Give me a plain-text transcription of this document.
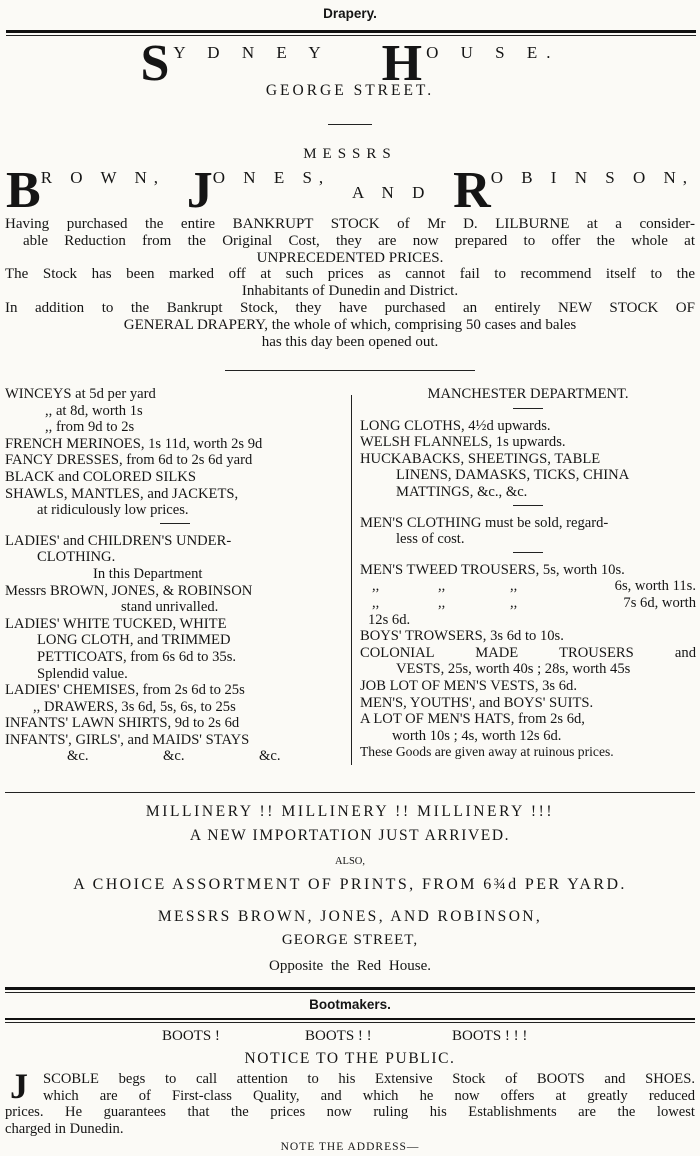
Drapery.
S Y D N E Y H O U S E.
GEORGE STREET.
MESSRS
BR O W N, JO N E S,
A N D RO B I N S O N,
Having purchased the entire BANKRUPT STOCK of Mr D. LILBURNE at a consider-
able Reduction from the Original Cost, they are now prepared to offer the whole at
UNPRECEDENTED PRICES.
The Stock has been marked off at such prices as cannot fail to recommend itself to the
Inhabitants of Dunedin and District.
In addition to the Bankrupt Stock, they have purchased an entirely NEW STOCK OF
GENERAL DRAPERY, the whole of which, comprising 50 cases and bales
has this day been opened out.
WINCEYS at 5d per yard
,, at 8d, worth 1s
,, from 9d to 2s
FRENCH MERINOES, 1s 11d, worth 2s 9d
FANCY DRESSES, from 6d to 2s 6d yard
BLACK and COLORED SILKS
SHAWLS, MANTLES, and JACKETS,
at ridiculously low prices.
LADIES' and CHILDREN'S UNDER-
CLOTHING.
In this Department
Messrs BROWN, JONES, & ROBINSON
stand unrivalled.
LADIES' WHITE TUCKED, WHITE
LONG CLOTH, and TRIMMED
PETTICOATS, from 6s 6d to 35s.
Splendid value.
LADIES' CHEMISES, from 2s 6d to 25s
,, DRAWERS, 3s 6d, 5s, 6s, to 25s
INFANTS' LAWN SHIRTS, 9d to 2s 6d
INFANTS', GIRLS', and MAIDS' STAYS
&c.	&c.	&c.
MANCHESTER DEPARTMENT.
LONG CLOTHS, 4½d upwards.
WELSH FLANNELS, 1s upwards.
HUCKABACKS, SHEETINGS, TABLE
LINENS, DAMASKS, TICKS, CHINA
MATTINGS, &c., &c.
MEN'S CLOTHING must be sold, regard-
less of cost.
MEN'S TWEED TROUSERS, 5s, worth 10s.
,,	,,	,,	6s, worth 11s.
,,	,,	,,	7s 6d, worth
12s 6d.
BOYS' TROWSERS, 3s 6d to 10s.
COLONIAL MADE TROUSERS and
VESTS, 25s, worth 40s ; 28s, worth 45s
JOB LOT OF MEN'S VESTS, 3s 6d.
MEN'S, YOUTHS', and BOYS' SUITS.
A LOT OF MEN'S HATS, from 2s 6d,
worth 10s ; 4s, worth 12s 6d.
These Goods are given away at ruinous prices.
MILLINERY !! MILLINERY !! MILLINERY !!!
A NEW IMPORTATION JUST ARRIVED.
ALSO,
A CHOICE ASSORTMENT OF PRINTS, FROM 6¾d PER YARD.
MESSRS BROWN, JONES, AND ROBINSON,
GEORGE STREET,
Opposite the Red House.
Bootmakers.
BOOTS !	BOOTS ! !	BOOTS ! ! !
NOTICE TO THE PUBLIC.
J	SCOBLE begs to call attention to his Extensive Stock of BOOTS and SHOES.
which are of First-class Quality, and which he now offers at greatly reduced
prices. He guarantees that the prices now ruling his Establishments are the lowest
charged in Dunedin.
NOTE THE ADDRESS—
